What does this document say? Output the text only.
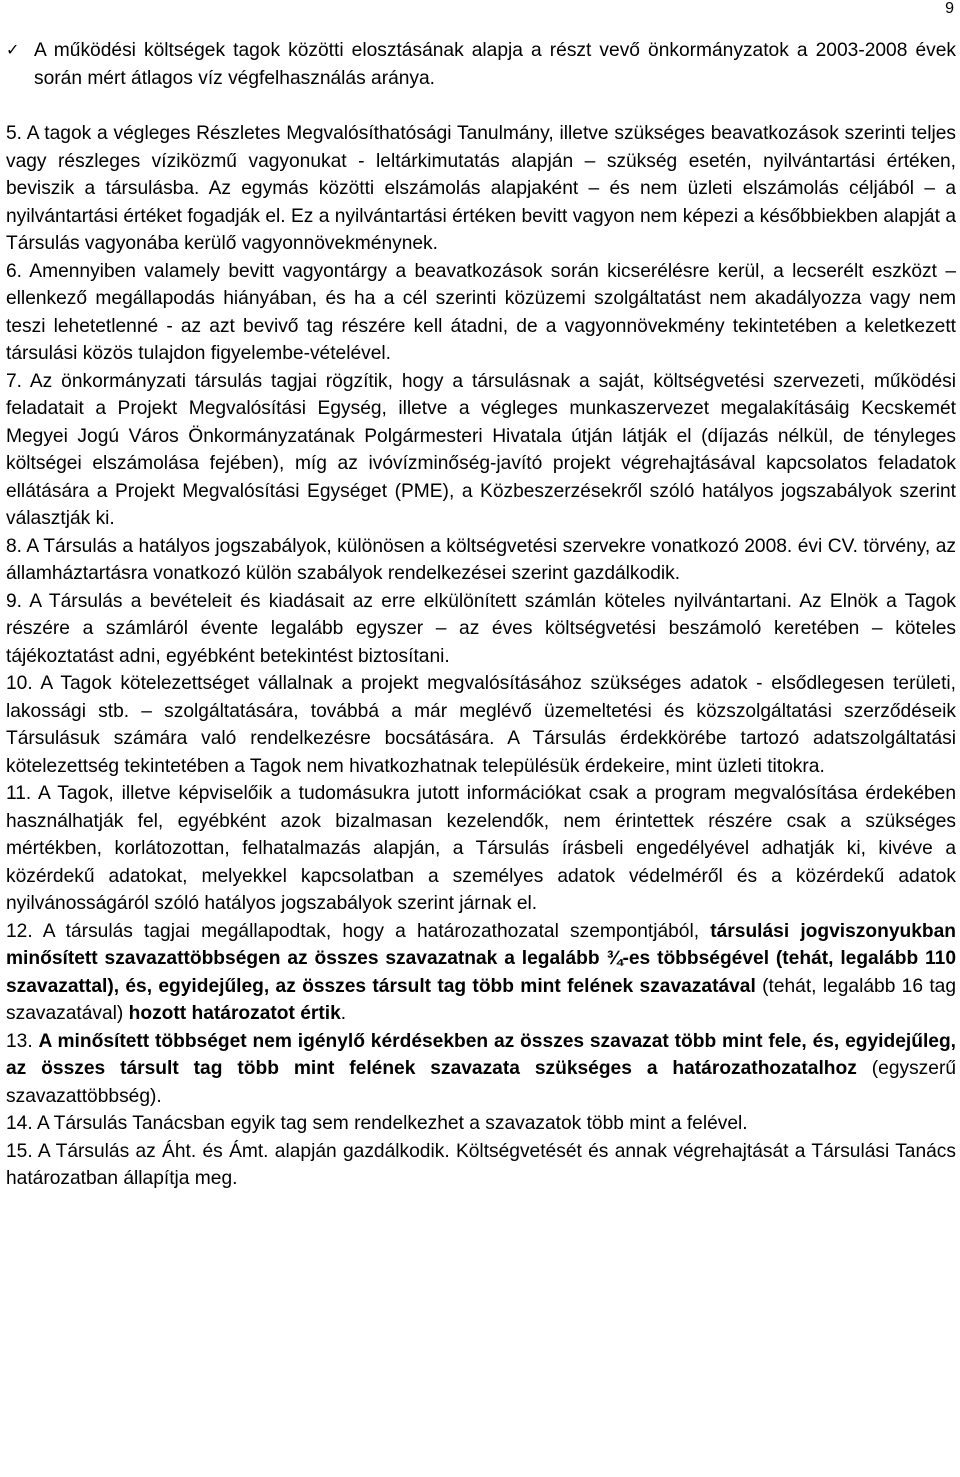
9

✓︎ A működési költségek tagok közötti elosztásának alapja a részt vevő önkormányzatok a 2003-2008 évek során mért átlagos víz végfelhasználás aránya.

5. A tagok a végleges Részletes Megvalósíthatósági Tanulmány, illetve szükséges beavatkozások szerinti teljes vagy részleges víziközmű vagyonukat - leltárkimutatás alapján – szükség esetén, nyilvántartási értéken, beviszik a társulásba. Az egymás közötti elszámolás alapjaként – és nem üzleti elszámolás céljából – a nyilvántartási értéket fogadják el. Ez a nyilvántartási értéken bevitt vagyon nem képezi a későbbiekben alapját a Társulás vagyonába kerülő vagyonnövekménynek.

6. Amennyiben valamely bevitt vagyontárgy a beavatkozások során kicserélésre kerül, a lecserélt eszközt – ellenkező megállapodás hiányában, és ha a cél szerinti közüzemi szolgáltatást nem akadályozza vagy nem teszi lehetetlenné - az azt bevivő tag részére kell átadni, de a vagyonnövekmény tekintetében a keletkezett társulási közös tulajdon figyelembe-vételével.

7. Az önkormányzati társulás tagjai rögzítik, hogy a társulásnak a saját, költségvetési szervezeti, működési feladatait a Projekt Megvalósítási Egység, illetve a végleges munkaszervezet megalakításáig Kecskemét Megyei Jogú Város Önkormányzatának Polgármesteri Hivatala útján látják el (díjazás nélkül, de tényleges költségei elszámolása fejében), míg az ivóvízminőség-javító projekt végrehajtásával kapcsolatos feladatok ellátására a Projekt Megvalósítási Egységet (PME), a Közbeszerzésekről szóló hatályos jogszabályok szerint választják ki.

8. A Társulás a hatályos jogszabályok, különösen a költségvetési szervekre vonatkozó 2008. évi CV. törvény, az államháztartásra vonatkozó külön szabályok rendelkezései szerint gazdálkodik.

9. A Társulás a bevételeit és kiadásait az erre elkülönített számlán köteles nyilvántartani. Az Elnök a Tagok részére a számláról évente legalább egyszer – az éves költségvetési beszámoló keretében – köteles tájékoztatást adni, egyébként betekintést biztosítani.

10. A Tagok kötelezettséget vállalnak a projekt megvalósításához szükséges adatok - elsődlegesen területi, lakossági stb. – szolgáltatására, továbbá a már meglévő üzemeltetési és közszolgáltatási szerződéseik Társulásuk számára való rendelkezésre bocsátására. A Társulás érdekkörébe tartozó adatszolgáltatási kötelezettség tekintetében a Tagok nem hivatkozhatnak településük érdekeire, mint üzleti titokra.

11. A Tagok, illetve képviselőik a tudomásukra jutott információkat csak a program megvalósítása érdekében használhatják fel, egyébként azok bizalmasan kezelendők, nem érintettek részére csak a szükséges mértékben, korlátozottan, felhatalmazás alapján, a Társulás írásbeli engedélyével adhatják ki, kivéve a közérdekű adatokat, melyekkel kapcsolatban a személyes adatok védelméről és a közérdekű adatok nyilvánosságáról szóló hatályos jogszabályok szerint járnak el.

12. A társulás tagjai megállapodtak, hogy a határozathozatal szempontjából, társulási jogviszonyukban minősített szavazattöbbségen az összes szavazatnak a legalább ¾-es többségével (tehát, legalább 110 szavazattal), és, egyidejűleg, az összes társult tag több mint felének szavazatával (tehát, legalább 16 tag szavazatával) hozott határozatot értik.

13. A minősített többséget nem igénylő kérdésekben az összes szavazat több mint fele, és, egyidejűleg, az összes társult tag több mint felének szavazata szükséges a határozathozatalhoz (egyszerű szavazattöbbség).

14. A Társulás Tanácsban egyik tag sem rendelkezhet a szavazatok több mint a felével.

15. A Társulás az Áht. és Ámt. alapján gazdálkodik. Költségvetését és annak végrehajtását a Társulási Tanács határozatban állapítja meg.
